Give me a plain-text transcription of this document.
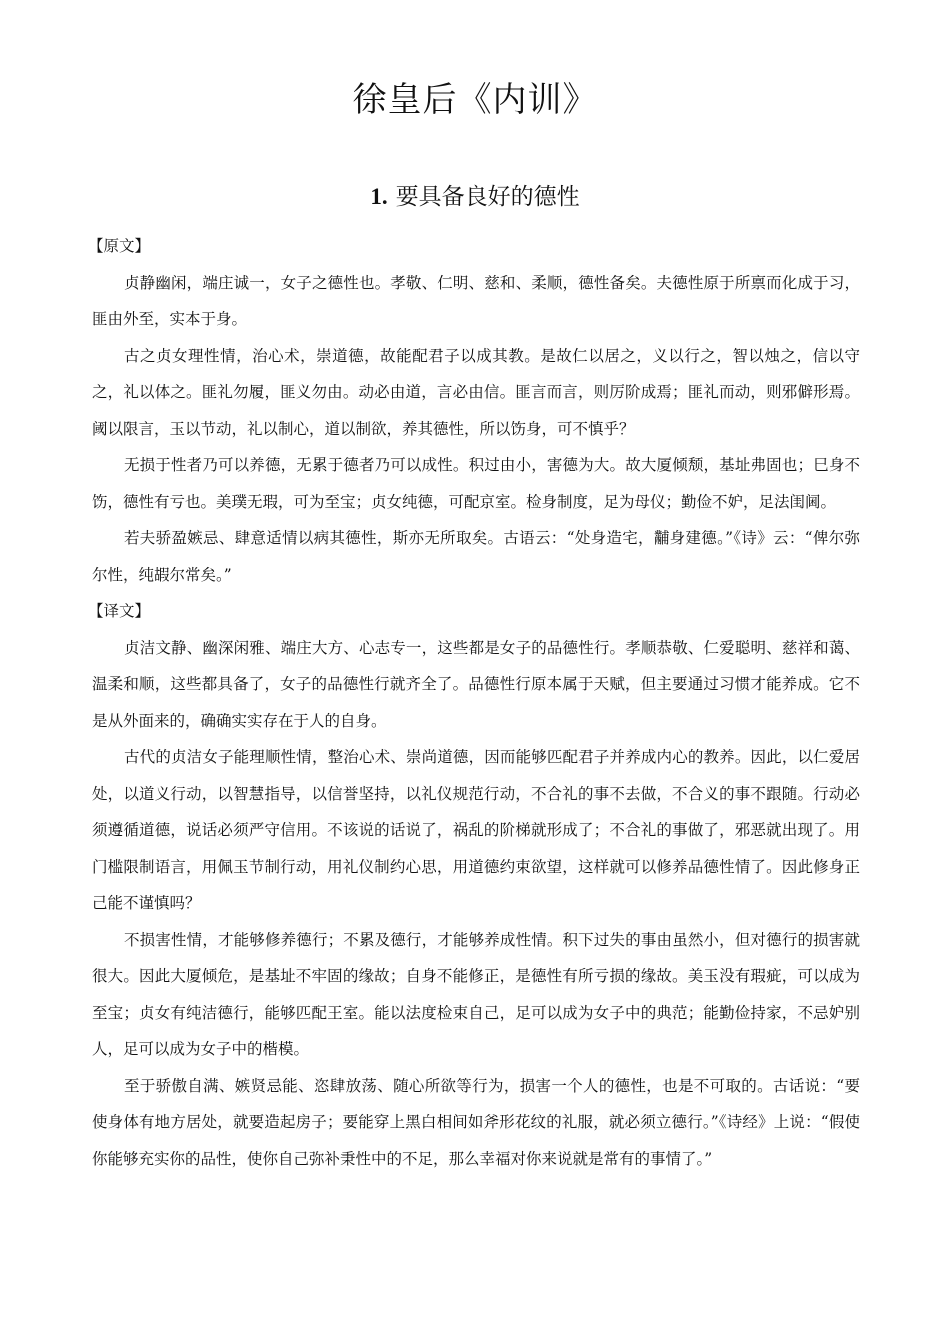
徐皇后《内训》
1. 要具备良好的德性

【原文】

贞静幽闲，端庄诚一，女子之德性也。孝敬、仁明、慈和、柔顺，德性备矣。夫德性原于所禀而化成于习，匪由外至，实本于身。

古之贞女理性情，治心术，崇道德，故能配君子以成其教。是故仁以居之，义以行之，智以烛之，信以守之，礼以体之。匪礼勿履，匪义勿由。动必由道，言必由信。匪言而言，则厉阶成焉；匪礼而动，则邪僻形焉。阈以限言，玉以节动，礼以制心，道以制欲，养其德性，所以饬身，可不慎乎？

无损于性者乃可以养德，无累于德者乃可以成性。积过由小，害德为大。故大厦倾颓，基址弗固也；巳身不饬，德性有亏也。美璞无瑕，可为至宝；贞女纯德，可配京室。检身制度，足为母仪；勤俭不妒，足法闺阃。

若夫骄盈嫉忌、肆意适情以病其德性，斯亦无所取矣。古语云：“处身造宅，黼身建德。”《诗》云：“俾尔弥尔性，纯嘏尔常矣。”

【译文】

贞洁文静、幽深闲雅、端庄大方、心志专一，这些都是女子的品德性行。孝顺恭敬、仁爱聪明、慈祥和蔼、温柔和顺，这些都具备了，女子的品德性行就齐全了。品德性行原本属于天赋，但主要通过习惯才能养成。它不是从外面来的，确确实实存在于人的自身。

古代的贞洁女子能理顺性情，整治心术、崇尚道德，因而能够匹配君子并养成内心的教养。因此，以仁爱居处，以道义行动，以智慧指导，以信誉坚持，以礼仪规范行动，不合礼的事不去做，不合义的事不跟随。行动必须遵循道德，说话必须严守信用。不该说的话说了，祸乱的阶梯就形成了；不合礼的事做了，邪恶就出现了。用门槛限制语言，用佩玉节制行动，用礼仪制约心思，用道德约束欲望，这样就可以修养品德性情了。因此修身正己能不谨慎吗？

不损害性情，才能够修养德行；不累及德行，才能够养成性情。积下过失的事由虽然小，但对德行的损害就很大。因此大厦倾危，是基址不牢固的缘故；自身不能修正，是德性有所亏损的缘故。美玉没有瑕疵，可以成为至宝；贞女有纯洁德行，能够匹配王室。能以法度检束自己，足可以成为女子中的典范；能勤俭持家，不忌妒别人，足可以成为女子中的楷模。

至于骄傲自满、嫉贤忌能、恣肆放荡、随心所欲等行为，损害一个人的德性，也是不可取的。古话说：“要使身体有地方居处，就要造起房子；要能穿上黑白相间如斧形花纹的礼服，就必须立德行。”《诗经》上说：“假使你能够充实你的品性，使你自己弥补秉性中的不足，那么幸福对你来说就是常有的事情了。”
